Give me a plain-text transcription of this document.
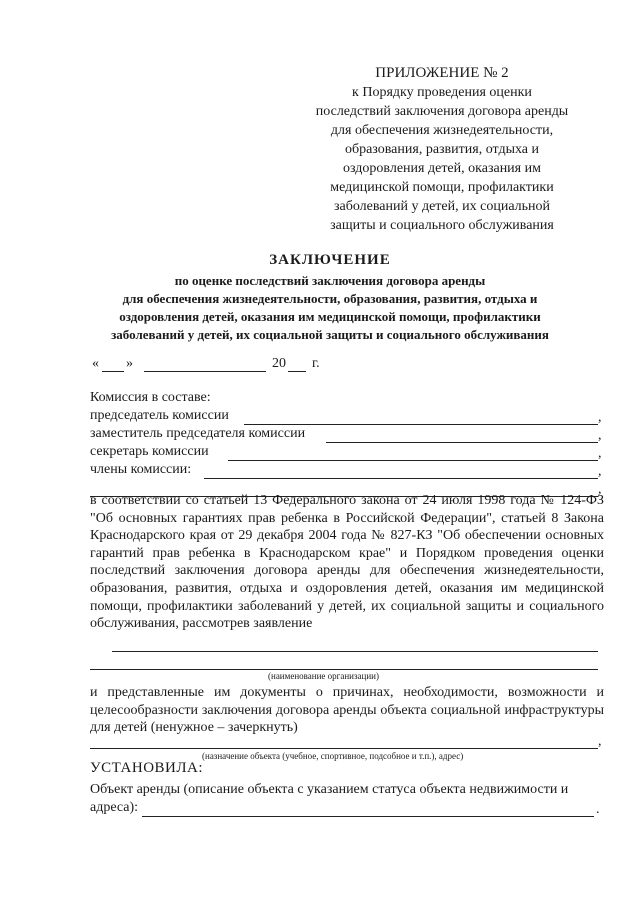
ПРИЛОЖЕНИЕ № 2
к Порядку проведения оценки
последствий заключения договора аренды
для обеспечения жизнедеятельности,
образования, развития, отдыха и
оздоровления детей, оказания им
медицинской помощи, профилактики
заболеваний у детей, их социальной
защиты и социального обслуживания
ЗАКЛЮЧЕНИЕ
по оценке последствий заключения договора аренды
для обеспечения жизнедеятельности, образования, развития, отдыха и
оздоровления детей, оказания им медицинской помощи, профилактики
заболеваний у детей, их социальной защиты и социального обслуживания
« »	20 г.
Комиссия в составе:
председатель комиссии	,
заместитель председателя комиссии	,
секретарь комиссии	,
члены комиссии:	,
,
в соответствии со статьей 13 Федерального закона от 24 июля 1998 года № 124-ФЗ "Об основных гарантиях прав ребенка в Российской Федерации", статьей 8 Закона Краснодарского края от 29 декабря 2004 года № 827-КЗ "Об обеспечении основных гарантий прав ребенка в Краснодарском крае" и Порядком проведения оценки последствий заключения договора аренды для обеспечения жизнедеятельности, образования, развития, отдыха и оздоровления детей, оказания им медицинской помощи, профилактики заболеваний у детей, их социальной защиты и социального обслуживания, рассмотрев заявление
(наименование организации)
и представленные им документы о причинах, необходимости, возможности и целесообразности заключения договора аренды объекта социальной инфраструктуры для детей (ненужное – зачеркнуть)
,
(назначение объекта (учебное, спортивное, подсобное и т.п.), адрес)
УСТАНОВИЛА:
Объект аренды (описание объекта с указанием статуса объекта недвижимости и
адреса):	.
